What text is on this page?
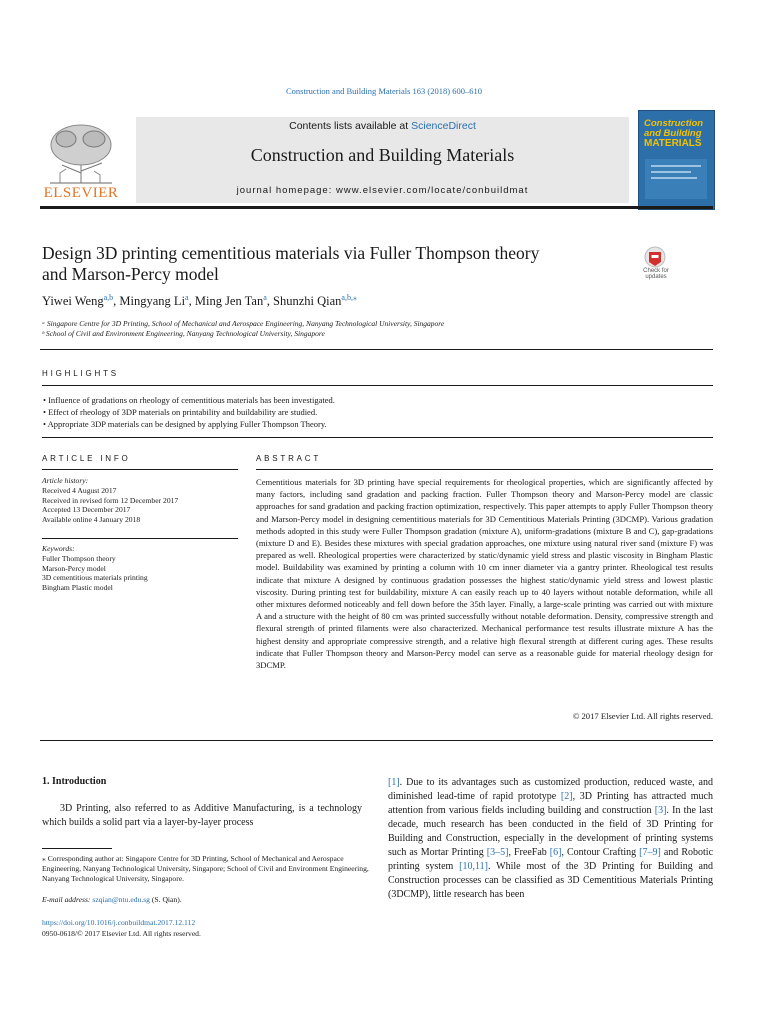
Construction and Building Materials 163 (2018) 600–610
ELSEVIER
Contents lists available at ScienceDirect
Construction and Building Materials
journal homepage: www.elsevier.com/locate/conbuildmat
Construction
and Building
MATERIALS
Design 3D printing cementitious materials via Fuller Thompson theory
and Marson-Percy model	Check for updates
Yiwei Weng$^{a,b}$, Mingyang Li$^a$, Ming Jen Tan$^a$, Shunzhi Qian$^{a,b,⁎}$
ᵃ Singapore Centre for 3D Printing, School of Mechanical and Aerospace Engineering, Nanyang Technological University, Singapore
ᵇ School of Civil and Environment Engineering, Nanyang Technological University, Singapore
HIGHLIGHTS
• Influence of gradations on rheology of cementitious materials has been investigated.
• Effect of rheology of 3DP materials on printability and buildability are studied.
• Appropriate 3DP materials can be designed by applying Fuller Thompson Theory.
ARTICLE INFO
Article history:
Received 4 August 2017
Received in revised form 12 December 2017
Accepted 13 December 2017
Available online 4 January 2018
Keywords:
Fuller Thompson theory
Marson-Percy model
3D cementitious materials printing
Bingham Plastic model
ABSTRACT
Cementitious materials for 3D printing have special requirements for rheological properties, which are significantly affected by many factors, including sand gradation and packing fraction. Fuller Thompson theory and Marson-Percy model are classic approaches for sand gradation and packing fraction optimization, respectively. This paper attempts to apply Fuller Thompson theory and Marson-Percy model in designing cementitious materials for 3D Cementitious Materials Printing (3DCMP). Various gradation methods adopted in this study were Fuller Thompson gradation (mixture A), uniform-gradations (mixture B and C), gap-gradations (mixture D and E). Besides these mixtures with special gradation approaches, one mixture using natural river sand (mixture F) was prepared as well. Rheological properties were characterized by static/dynamic yield stress and plastic viscosity in Bingham Plastic model. Buildability was examined by printing a column with 10 cm inner diameter via a gantry printer. Rheological test results indicate that mixture A designed by continuous gradation possesses the highest static/dynamic yield stress and lowest plastic viscosity. During printing test for buildability, mixture A can easily reach up to 40 layers without notable deformation, while all other mixtures deformed noticeably and fell down before the 35th layer. Finally, a large-scale printing was carried out with mixture A and a structure with the height of 80 cm was printed successfully without notable deformation. Density, compressive strength and flexural strength of printed filaments were also characterized. Mechanical performance test results illustrate mixture A has the highest density and appropriate compressive strength, and a relative high flexural strength at different curing ages. These results indicate that Fuller Thompson theory and Marson-Percy model can serve as a reasonable guide for material rheology design for 3DCMP.
© 2017 Elsevier Ltd. All rights reserved.
1. Introduction
3D Printing, also referred to as Additive Manufacturing, is a technology which builds a solid part via a layer-by-layer process
[1]. Due to its advantages such as customized production, reduced waste, and diminished lead-time of rapid prototype [2], 3D Printing has attracted much attention from various fields including building and construction [3]. In the last decade, much research has been conducted in the field of 3D Printing for Building and Construction, especially in the development of printing systems such as Mortar Printing [3–5], FreeFab [6], Contour Crafting [7–9] and Robotic printing system [10,11]. While most of the 3D Printing for Building and Construction processes can be classified as 3D Cementitious Materials Printing (3DCMP), little research has been
⁎ Corresponding author at: Singapore Centre for 3D Printing, School of Mechanical and Aerospace Engineering, Nanyang Technological University, Singapore; School of Civil and Environment Engineering, Nanyang Technological University, Singapore.
E-mail address: szqian@ntu.edu.sg (S. Qian).
https://doi.org/10.1016/j.conbuildmat.2017.12.112
0950-0618/© 2017 Elsevier Ltd. All rights reserved.
